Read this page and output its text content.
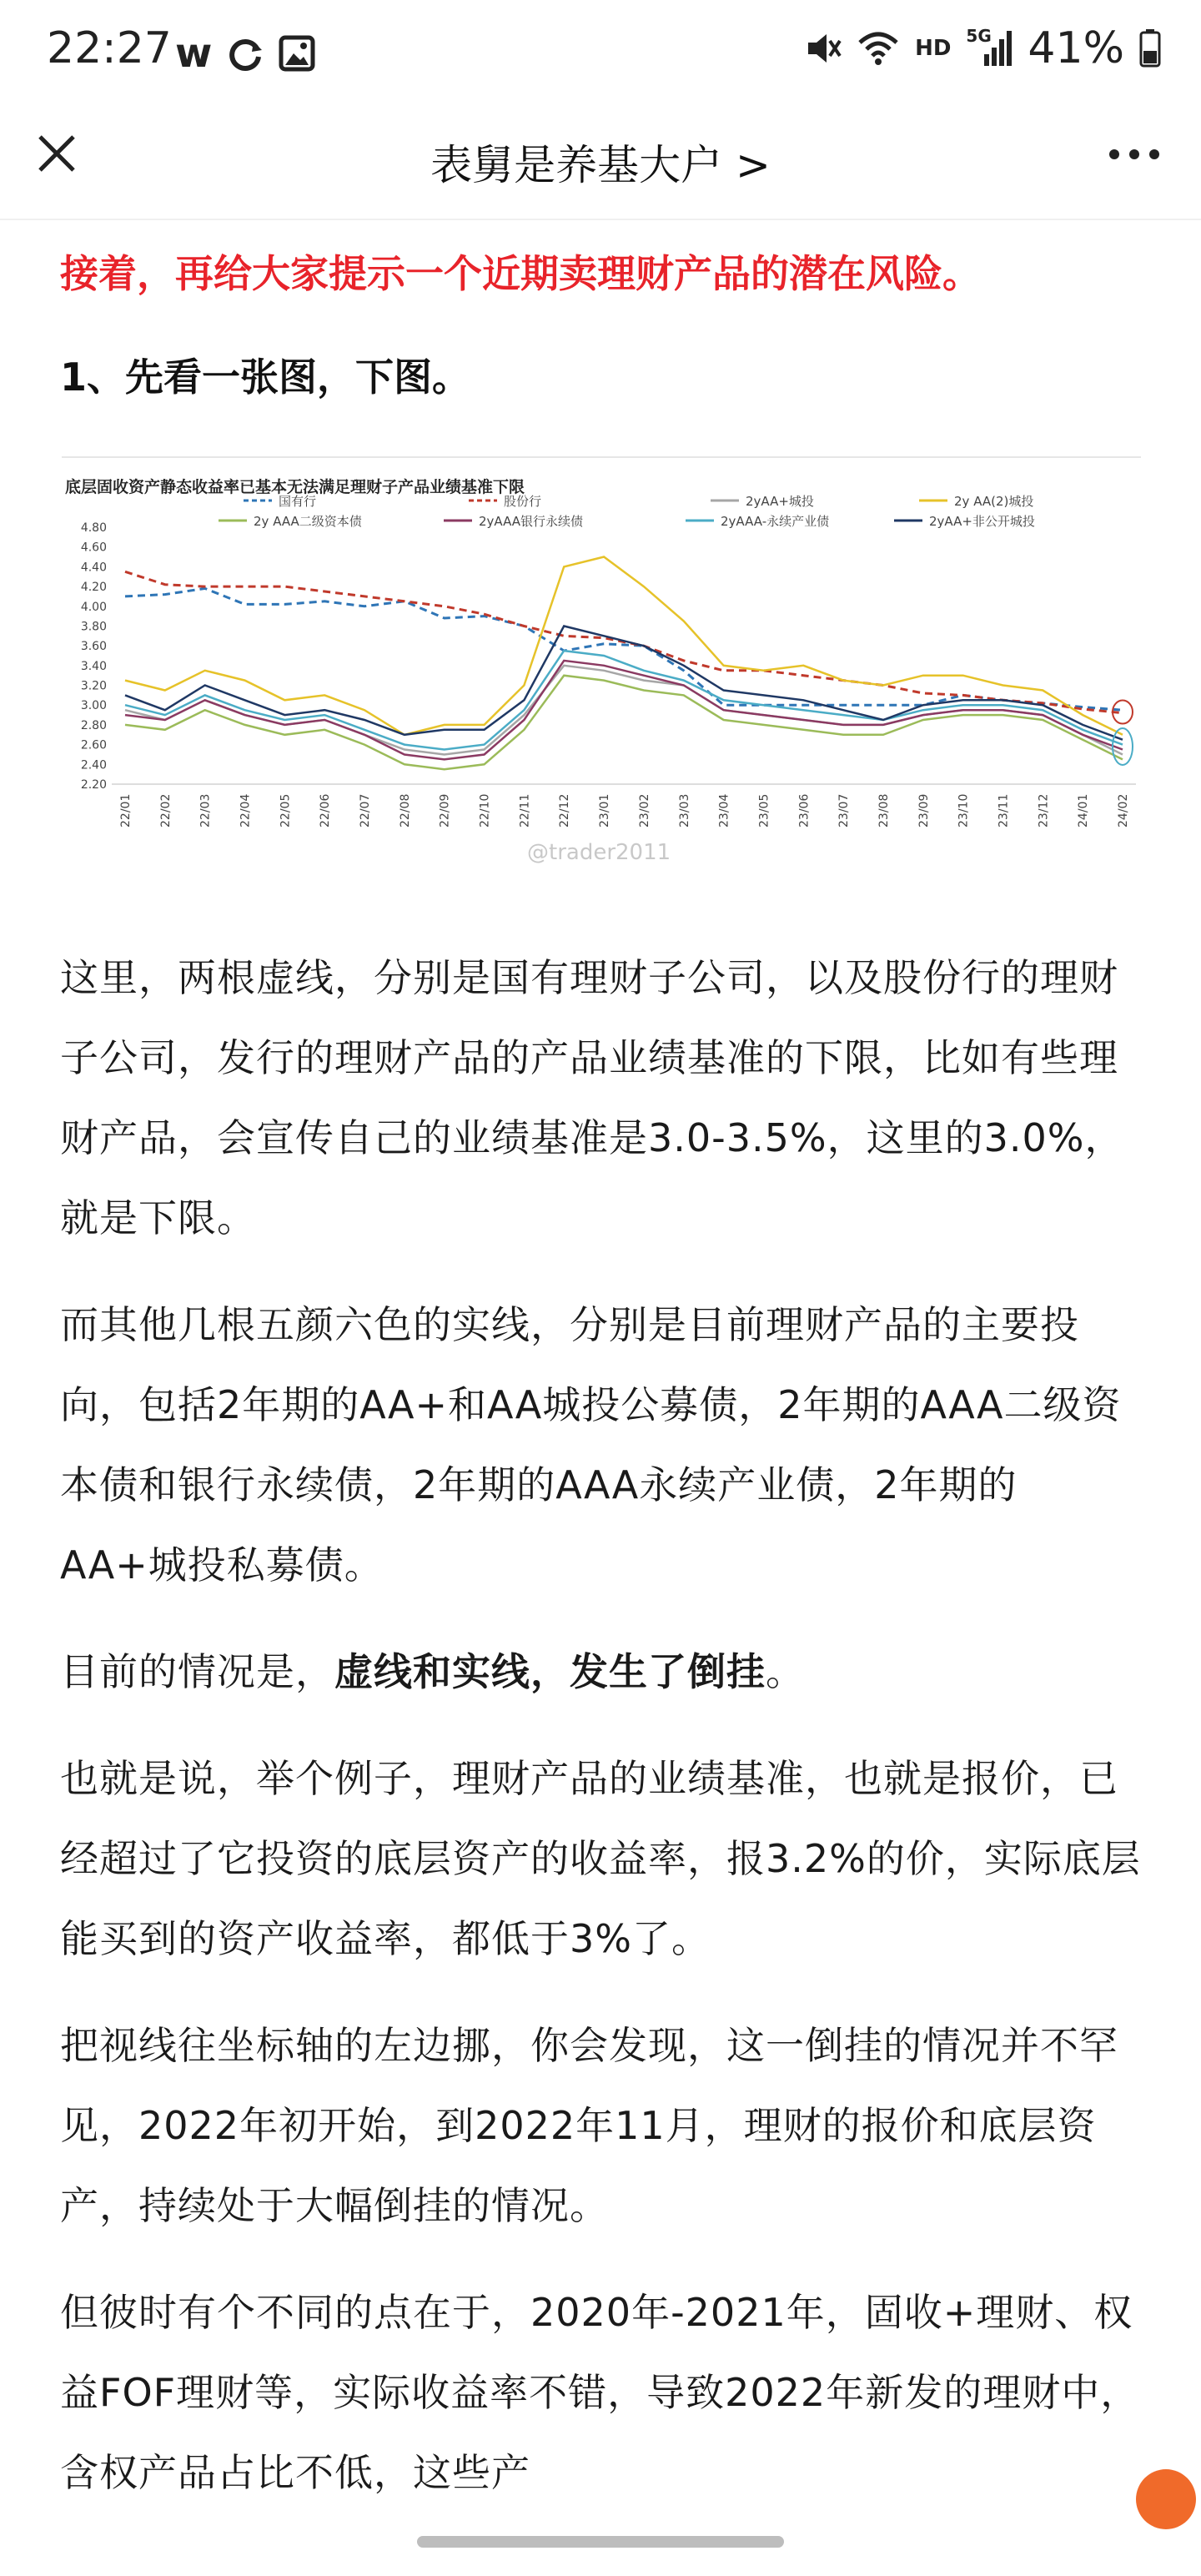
22:27 w	HD 5G 41%
表舅是养基大户 >
接着，再给大家提示一个近期卖理财产品的潜在风险。
1、先看一张图，下图。
底层固收资产静态收益率已基本无法满足理财子产品业绩基准下限
国有行	股份行	2yAA+城投	2y AA(2)城投
2y AAA二级资本债	2yAAA银行永续债	2yAAA-永续产业债	2yAA+非公开城投
4.80
4.60
4.40
4.20
4.00
3.80
3.60
3.40
3.20
3.00
2.80
2.60
2.40
2.20
22/01 22/02 22/03 22/04 22/05 22/06 22/07 22/08 22/09 22/10 22/11 22/12 23/01 23/02 23/03 23/04 23/05 23/06 23/07 23/08 23/09 23/10 23/11 23/12 24/01 24/02
@trader2011
这里，两根虚线，分别是国有理财子公司，以及股份行的理财子公司，发行的理财产品的产品业绩基准的下限，比如有些理财产品，会宣传自己的业绩基准是3.0-3.5%，这里的3.0%，就是下限。
而其他几根五颜六色的实线，分别是目前理财产品的主要投向，包括2年期的AA+和AA城投公募债，2年期的AAA二级资本债和银行永续债，2年期的AAA永续产业债，2年期的AA+城投私募债。
目前的情况是，虚线和实线，发生了倒挂。
也就是说，举个例子，理财产品的业绩基准，也就是报价，已经超过了它投资的底层资产的收益率，报3.2%的价，实际底层能买到的资产收益率，都低于3%了。
把视线往坐标轴的左边挪，你会发现，这一倒挂的情况并不罕见，2022年初开始，到2022年11月，理财的报价和底层资产，持续处于大幅倒挂的情况。
但彼时有个不同的点在于，2020年-2021年，固收+理财、权益FOF理财等，实际收益率不错，导致2022年新发的理财中，含权产品占比不低，这些产
